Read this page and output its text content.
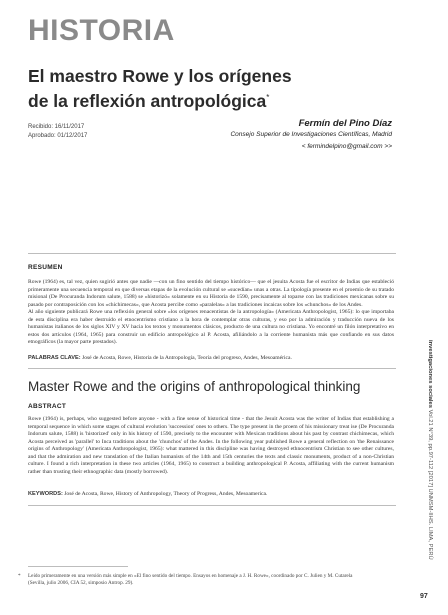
HISTORIA
El maestro Rowe y los orígenes
de la reflexión antropológica*
Recibido: 16/11/2017
Aprobado: 01/12/2017
Fermín del Pino Díaz
Consejo Superior de Investigaciones Científicas, Madrid
< fermindelpino@gmail.com >>
RESUMEN

Rowe (1964) es, tal vez, quien sugirió antes que nadie —con un fino sentido del tiempo histórico— que el jesuita Acosta fue el escritor de Indias que estableció primeramente una secuencia temporal en que diversas etapas de la evolución cultural se «sucedían» unas a otras. La tipología presente en el proemio de su tratado misional (De Procuranda Indorum salute, 1588) se «historizó» solamente en su Historia de 1590, precisamente al toparse con las tradiciones mexicanas sobre su pasado por contraposición con los «chichimecas», que Acosta percibe como «paralelas» a las tradiciones incaicas sobre los «chunchos» de los Andes.

Al año siguiente publicará Rowe una reflexión general sobre «los orígenes renacentistas de la antropología» (Americata Anthropologist, 1965): lo que importaba de esta disciplina era haber destruido el etnocentrismo cristiano a la hora de contemplar otras culturas, y eso por la admiración y traducción nueva de los humanistas italianos de los siglos XIV y XV hacia los textos y monumentos clásicos, producto de una cultura no cristiana. Yo encontré un filón interpretativo en estos dos artículos (1964, 1965) para construir un edificio antropológico al P. Acosta, afiliándolo a la corriente humanista más que confiando en sus datos etnográficos (la mayor parte prestados).

PALABRAS CLAVE: José de Acosta, Rowe, Historia de la Antropología, Teoría del progreso, Andes, Mesoamérica.
Master Rowe and the origins of anthropological thinking
ABSTRACT
Rowe (1964) is, perhaps, who suggested before anyone - with a fine sense of historical time - that the Jesuit Acosta was the writer of Indias that establishing a temporal sequence in which some stages of cultural evolution 'succession' ones to others. The type present in the proem of his missionary treat ise (De Procuranda Indorum salute, 1588) is 'historized' only in his history of 1590, precisely to the encounter with Mexican traditions about his past by contrast chichimecas, which Acosta perceived as 'parallel' to Inca traditions about the 'chunchos' of the Andes. In the following year published Rowe a general reflection on 'the Renaissance origins of Anthropology' (Americata Anthropologist, 1965): what mattered in this discipline was having destroyed ethnocentrism Christian to see other cultures, and that the admiration and new translation of the Italian humanists of the 14th and 15th centuries the texts and classic monuments, product of a non-Christian culture. I found a rich interpretation in these two articles (1964, 1965) to construct a building anthropological P. Acosta, affiliating with the current humanism rather than trusting their ethnographic data (mostly borrowed).
KEYWORDS: José de Acosta, Rowe, History of Anthropology, Theory of Progress, Andes, Mesoamerica.
* Leído primeramente en una versión más simple en «El fino sentido del tiempo. Ensayos en homenaje a J. H. Rowe», coordinado por C. Julien y M. Cutarela (Sevilla, julio 2006, CIA 52, simposio Antrop. 29).
investigaciones sociales Vol.21 N°39, pp.97-112 [2017] UNMSM-IIHS. LIMA, PERÚ
97
